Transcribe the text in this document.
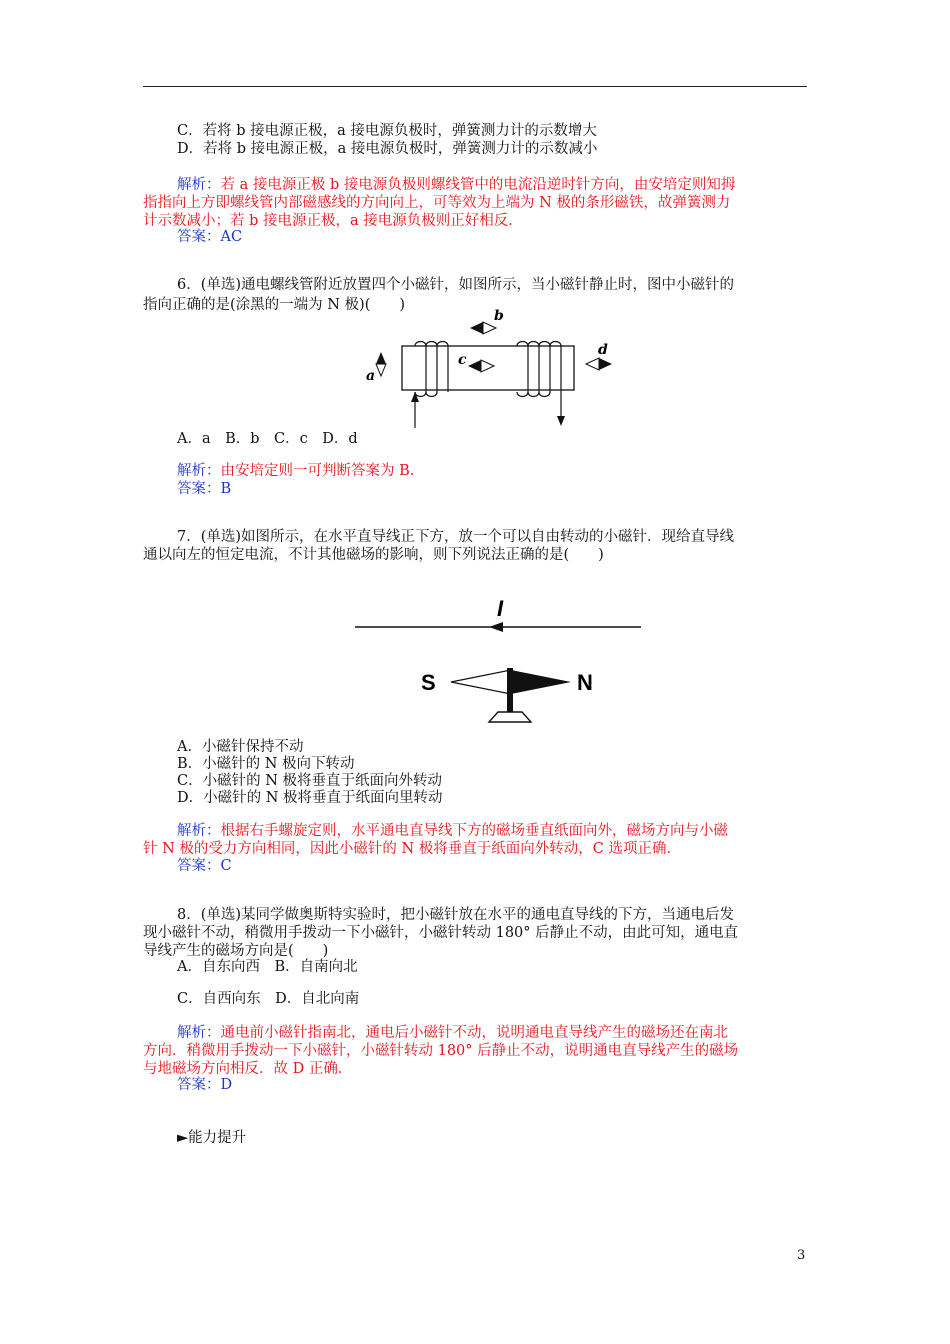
C．若将 b 接电源正极，a 接电源负极时，弹簧测力计的示数增大
D．若将 b 接电源正极，a 接电源负极时，弹簧测力计的示数减小
解析：若 a 接电源正极 b 接电源负极则螺线管中的电流沿逆时针方向，由安培定则知拇
指指向上方即螺线管内部磁感线的方向向上，可等效为上端为 N 极的条形磁铁，故弹簧测力
计示数减小；若 b 接电源正极，a 接电源负极则正好相反．
答案：AC
6．(单选)通电螺线管附近放置四个小磁针，如图所示，当小磁针静止时，图中小磁针的
指向正确的是(涂黑的一端为 N 极)(　　)
a
b
c
d
A．a　B．b　C．c　D．d
解析：由安培定则一可判断答案为 B.
答案：B
7．(单选)如图所示，在水平直导线正下方，放一个可以自由转动的小磁针．现给直导线
通以向左的恒定电流，不计其他磁场的影响，则下列说法正确的是(　　)
I
S	N
A．小磁针保持不动
B．小磁针的 N 极向下转动
C．小磁针的 N 极将垂直于纸面向外转动
D．小磁针的 N 极将垂直于纸面向里转动
解析：根据右手螺旋定则，水平通电直导线下方的磁场垂直纸面向外，磁场方向与小磁
针 N 极的受力方向相同，因此小磁针的 N 极将垂直于纸面向外转动，C 选项正确．
答案：C
8．(单选)某同学做奥斯特实验时，把小磁针放在水平的通电直导线的下方，当通电后发
现小磁针不动，稍微用手拨动一下小磁针，小磁针转动 180° 后静止不动，由此可知，通电直
导线产生的磁场方向是(　　)
A．自东向西　B．自南向北
C．自西向东　D．自北向南
解析：通电前小磁针指南北，通电后小磁针不动，说明通电直导线产生的磁场还在南北
方向．稍微用手拨动一下小磁针，小磁针转动 180° 后静止不动，说明通电直导线产生的磁场
与地磁场方向相反．故 D 正确．
答案：D
►能力提升
3
